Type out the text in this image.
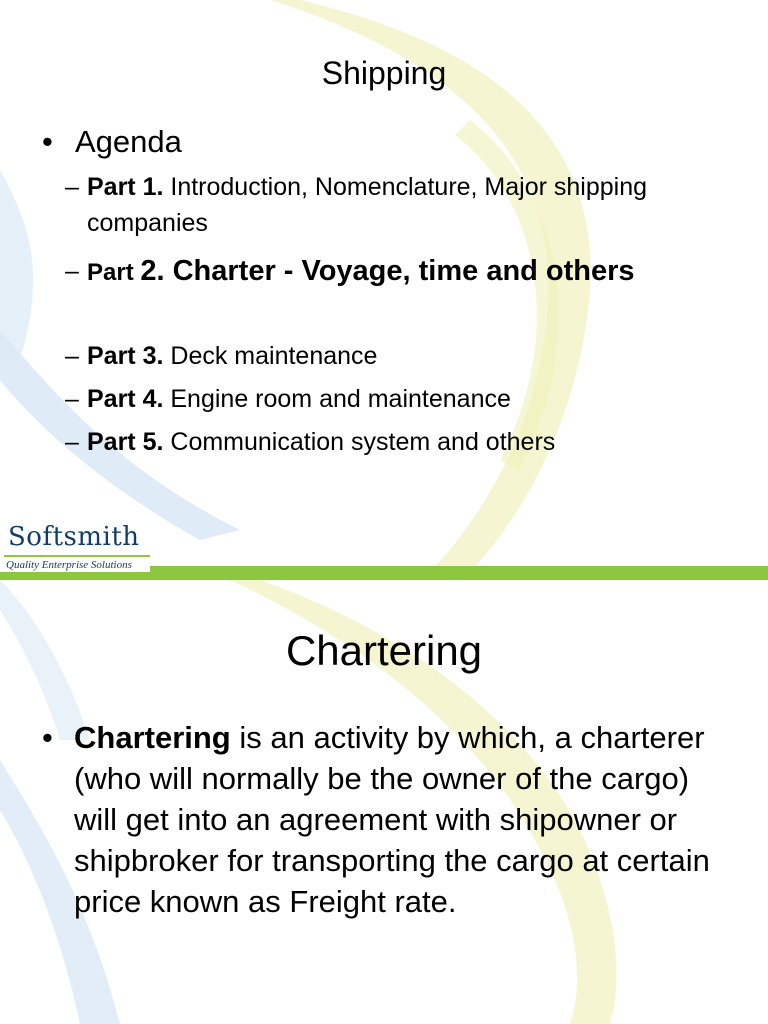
Shipping
• Agenda
– Part 1. Introduction, Nomenclature, Major shipping companies
– Part 2. Charter - Voyage, time and others
– Part 3. Deck maintenance
– Part 4. Engine room and maintenance
– Part 5. Communication system and others
Softsmith
Quality Enterprise Solutions
Chartering
• Chartering is an activity by which, a charterer (who will normally be the owner of the cargo) will get into an agreement with shipowner or shipbroker for transporting the cargo at certain price known as Freight rate.
